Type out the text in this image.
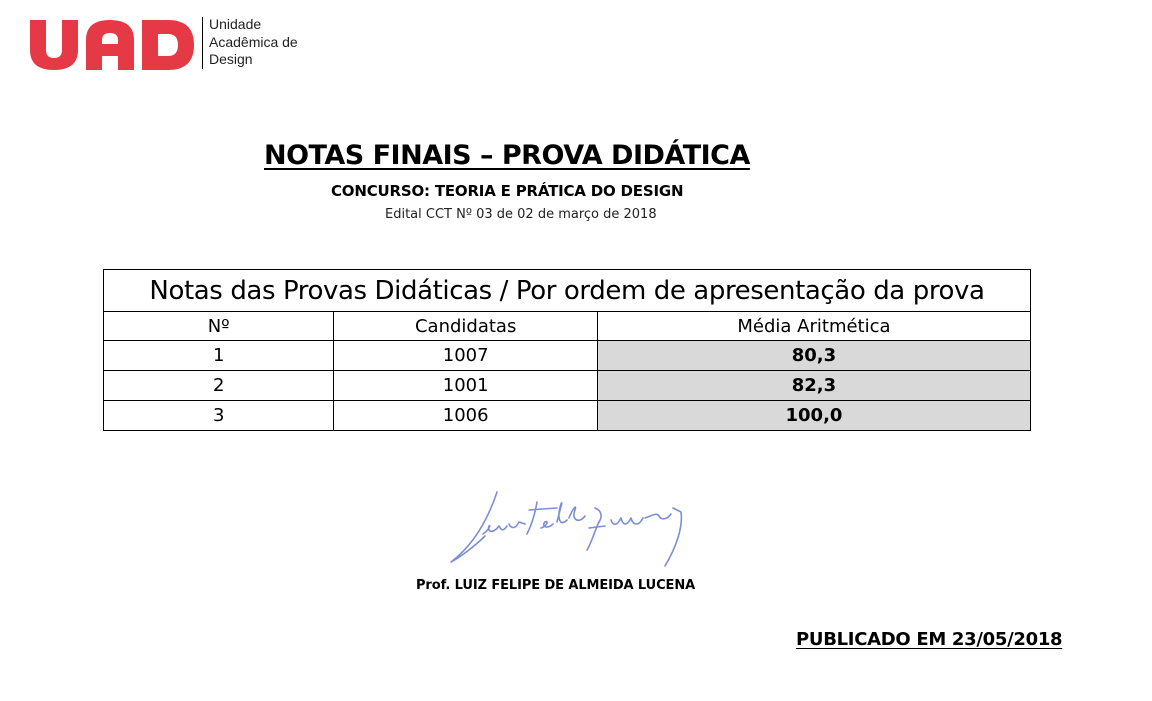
Unidade
Acadêmica de
Design
NOTAS FINAIS – PROVA DIDÁTICA
CONCURSO: TEORIA E PRÁTICA DO DESIGN
Edital CCT Nº 03 de 02 de março de 2018
Notas das Provas Didáticas / Por ordem de apresentação da prova		
Nº	Candidatas	Média Aritmética
1	1007	80,3
2	1001	82,3
3	1006	100,0
Prof. LUIZ FELIPE DE ALMEIDA LUCENA
PUBLICADO EM 23/05/2018
